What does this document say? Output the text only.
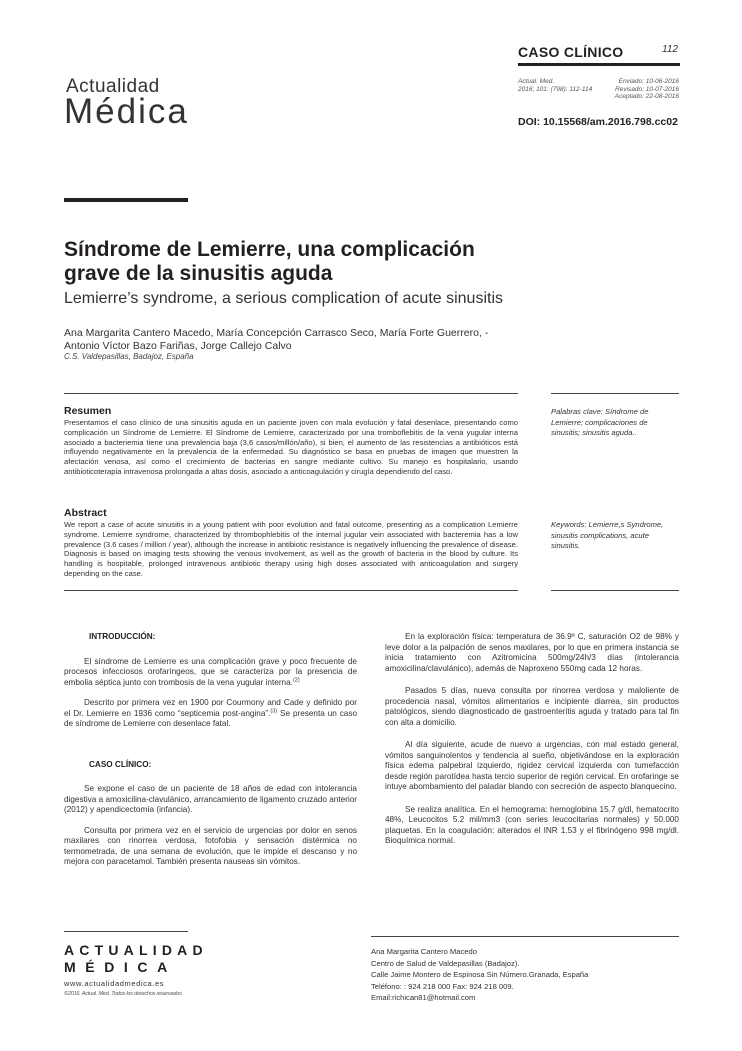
Actualidad
Médica
CASO CLÍNICO	112
Actual. Med.
2016; 101: (798): 112-114
Enviado: 10-06-2016
Revisado: 10-07-2016
Aceptado: 22-08-2016
DOI: 10.15568/am.2016.798.cc02
Síndrome de Lemierre, una complicación
grave de la sinusitis aguda
Lemierre’s syndrome, a serious complication of acute sinusitis
Ana Margarita Cantero Macedo, María Concepción Carrasco Seco, María Forte Guerrero, -
Antonio Víctor Bazo Fariñas, Jorge Callejo Calvo
C.S. Valdepasillas, Badajoz, España
Resumen
Presentamos el caso clínico de una sinusitis aguda en un paciente joven con mala evolución y fatal desenlace, presentando como complicación un Síndrome de Lemierre. El Síndrome de Lemierre, caracterizado por una tromboflebitis de la vena yugular interna asociado a bacteriemia tiene una prevalencia baja (3,6 casos/millón/año), si bien, el aumento de las resistencias a antibióticos está influyendo negativamente en la prevalencia de la enfermedad. Su diagnóstico se basa en pruebas de imagen que muestren la afectación venosa, así como el crecimiento de bacterias en sangre mediante cultivo. Su manejo es hospitalario, usando antibioticoterapia intravenosa prolongada a altas dosis, asociado a anticoagulación y cirugía dependiendo del caso.
Palabras clave: Síndrome de
Lemierre; complicaciones de
sinusitis; sinusitis aguda..
Abstract
We report a case of acute sinusitis in a young patient with poor evolution and fatal outcome, presenting as a complication Lemierre syndrome. Lemierre syndrome, characterized by thrombophlebitis of the internal jugular vein associated with bacteremia has a low prevalence (3.6 cases / million / year), although the increase in antibiotic resistance is negatively influencing the prevalence of disease. Diagnosis is based on imaging tests showing the venous involvement, as well as the growth of bacteria in the blood by culture. Its handling is hospitable, prolonged intravenous antibiotic therapy using high doses associated with anticoagulation and surgery depending on the case.
Keywords: Lemierre,s Syndrome,
sinusitis complications, acute
sinusitis.
INTRODUCCIÓN:

El síndrome de Lemierre es una complicación grave y poco frecuente de procesos infecciosos orofaríngeos, que se caracteriza por la presencia de embolia séptica junto con trombosis de la vena yugular interna.$^{(2)}$

Descrito por primera vez en 1900 por Courmony and Cade y definido por el Dr. Lemierre en 1936 como “septicemia post-angina”.$^{(3)}$ Se presenta un caso de síndrome de Lemierre con desenlace fatal.

CASO CLÍNICO:

Se expone el caso de un paciente de 18 años de edad con intolerancia digestiva a amoxicilina-clavulánico, arrancamiento de ligamento cruzado anterior (2012) y apendicectomía (infancia).

Consulta por primera vez en el servicio de urgencias por dolor en senos maxilares con rinorrea verdosa, fotofobia y sensación distérmica no termometrada, de una semana de evolución, que le impide el descanso y no mejora con paracetamol. También presenta nauseas sin vómitos.

En la exploración física: temperatura de 36.9º C, saturación O2 de 98% y leve dolor a la palpación de senos maxilares, por lo que en primera instancia se inicia tratamiento con Azitromicina 500mg/24h/3 días (intolerancia amoxicilina/clavulánico), además de Naproxeno 550mg cada 12 horas.

Pasados 5 días, nueva consulta por rinorrea verdosa y maloliente de procedencia nasal, vómitos alimentarios e incipiente diarrea, sin productos patológicos, siendo diagnosticado de gastroenteritis aguda y tratado para tal fin con alta a domicilio.

Al día siguiente, acude de nuevo a urgencias, con mal estado general, vómitos sanguinolentos y tendencia al sueño, objetivándose en la exploración física edema palpebral izquierdo, rigidez cervical izquierda con tumefacción desde región parotídea hasta tercio superior de región cervical. En orofaringe se intuye abombamiento del paladar blando con secreción de aspecto blanquecino.

Se realiza analítica. En el hemograma: hemoglobina 15.7 g/dl, hematocrito 48%, Leucocitos 5.2 mil/mm3 (con series leucocitarias normales) y 50.000 plaquetas. En la coagulación: alterados el INR 1.53 y el fibrinógeno 998 mg/dl. Bioquímica normal.

ACTUALIDAD
MÉDICA
www.actualidadmedica.es
©2016. Actual. Med. Todos los derechos reservados
Ana Margarita Cantero Macedo
Centro de Salud de Valdepasillas (Badajoz).
Calle Jaime Montero de Espinosa Sin Número.Granada, España
Teléfono: : 924 218 000 Fax: 924 218 009.
Email:richican81@hotmail.com
